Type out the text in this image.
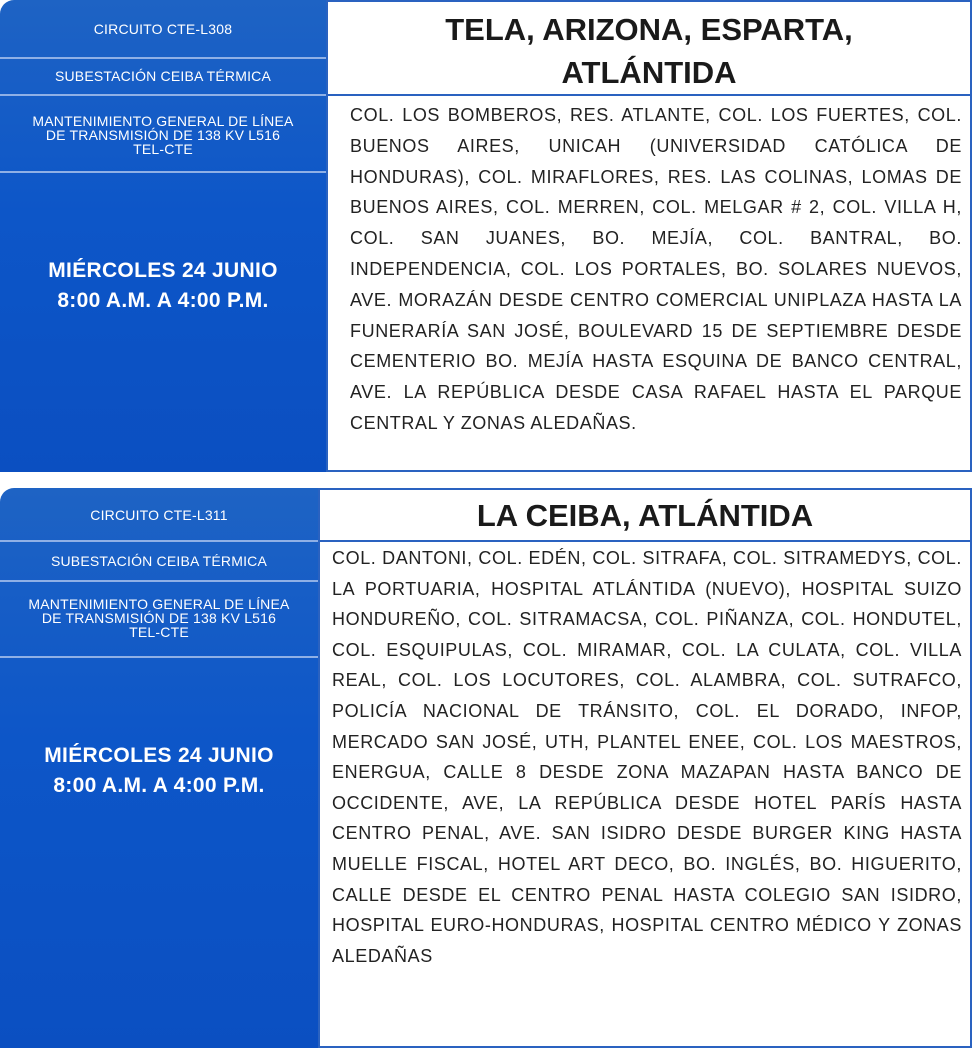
CIRCUITO CTE-L308
SUBESTACIÓN CEIBA TÉRMICA
MANTENIMIENTO GENERAL DE LÍNEA
DE TRANSMISIÓN DE 138 KV L516
TEL-CTE
MIÉRCOLES 24 JUNIO
8:00 A.M. A 4:00 P.M.
TELA, ARIZONA, ESPARTA,
ATLÁNTIDA
COL. LOS BOMBEROS, RES. ATLANTE, COL. LOS FUERTES, COL. BUENOS AIRES, UNICAH (UNIVERSIDAD CATÓLICA DE HONDURAS), COL. MIRAFLORES, RES. LAS COLINAS, LOMAS DE BUENOS AIRES, COL. MERREN, COL. MELGAR # 2, COL. VILLA H, COL. SAN JUANES, BO. MEJÍA, COL. BANTRAL, BO. INDEPENDENCIA, COL. LOS PORTALES, BO. SOLARES NUEVOS, AVE. MORAZÁN DESDE CENTRO COMERCIAL UNIPLAZA HASTA LA FUNERARÍA SAN JOSÉ, BOULEVARD 15 DE SEPTIEMBRE DESDE CEMENTERIO BO. MEJÍA HASTA ESQUINA DE BANCO CENTRAL, AVE. LA REPÚBLICA DESDE CASA RAFAEL HASTA EL PARQUE CENTRAL Y ZONAS ALEDAÑAS.
CIRCUITO CTE-L311
SUBESTACIÓN CEIBA TÉRMICA
MANTENIMIENTO GENERAL DE LÍNEA
DE TRANSMISIÓN DE 138 KV L516
TEL-CTE
MIÉRCOLES 24 JUNIO
8:00 A.M. A 4:00 P.M.
LA CEIBA, ATLÁNTIDA
COL. DANTONI, COL. EDÉN, COL. SITRAFA, COL. SITRAMEDYS, COL. LA PORTUARIA, HOSPITAL ATLÁNTIDA (NUEVO), HOSPITAL SUIZO HONDUREÑO, COL. SITRAMACSA, COL. PIÑANZA, COL. HONDUTEL, COL. ESQUIPULAS, COL. MIRAMAR, COL. LA CULATA, COL. VILLA REAL, COL. LOS LOCUTORES, COL. ALAMBRA, COL. SUTRAFCO, POLICÍA NACIONAL DE TRÁNSITO, COL. EL DORADO, INFOP, MERCADO SAN JOSÉ, UTH, PLANTEL ENEE, COL. LOS MAESTROS, ENERGUA, CALLE 8 DESDE ZONA MAZAPAN HASTA BANCO DE OCCIDENTE, AVE, LA REPÚBLICA DESDE HOTEL PARÍS HASTA CENTRO PENAL, AVE. SAN ISIDRO DESDE BURGER KING HASTA MUELLE FISCAL, HOTEL ART DECO, BO. INGLÉS, BO. HIGUERITO, CALLE DESDE EL CENTRO PENAL HASTA COLEGIO SAN ISIDRO, HOSPITAL EURO-HONDURAS, HOSPITAL CENTRO MÉDICO Y ZONAS ALEDAÑAS
